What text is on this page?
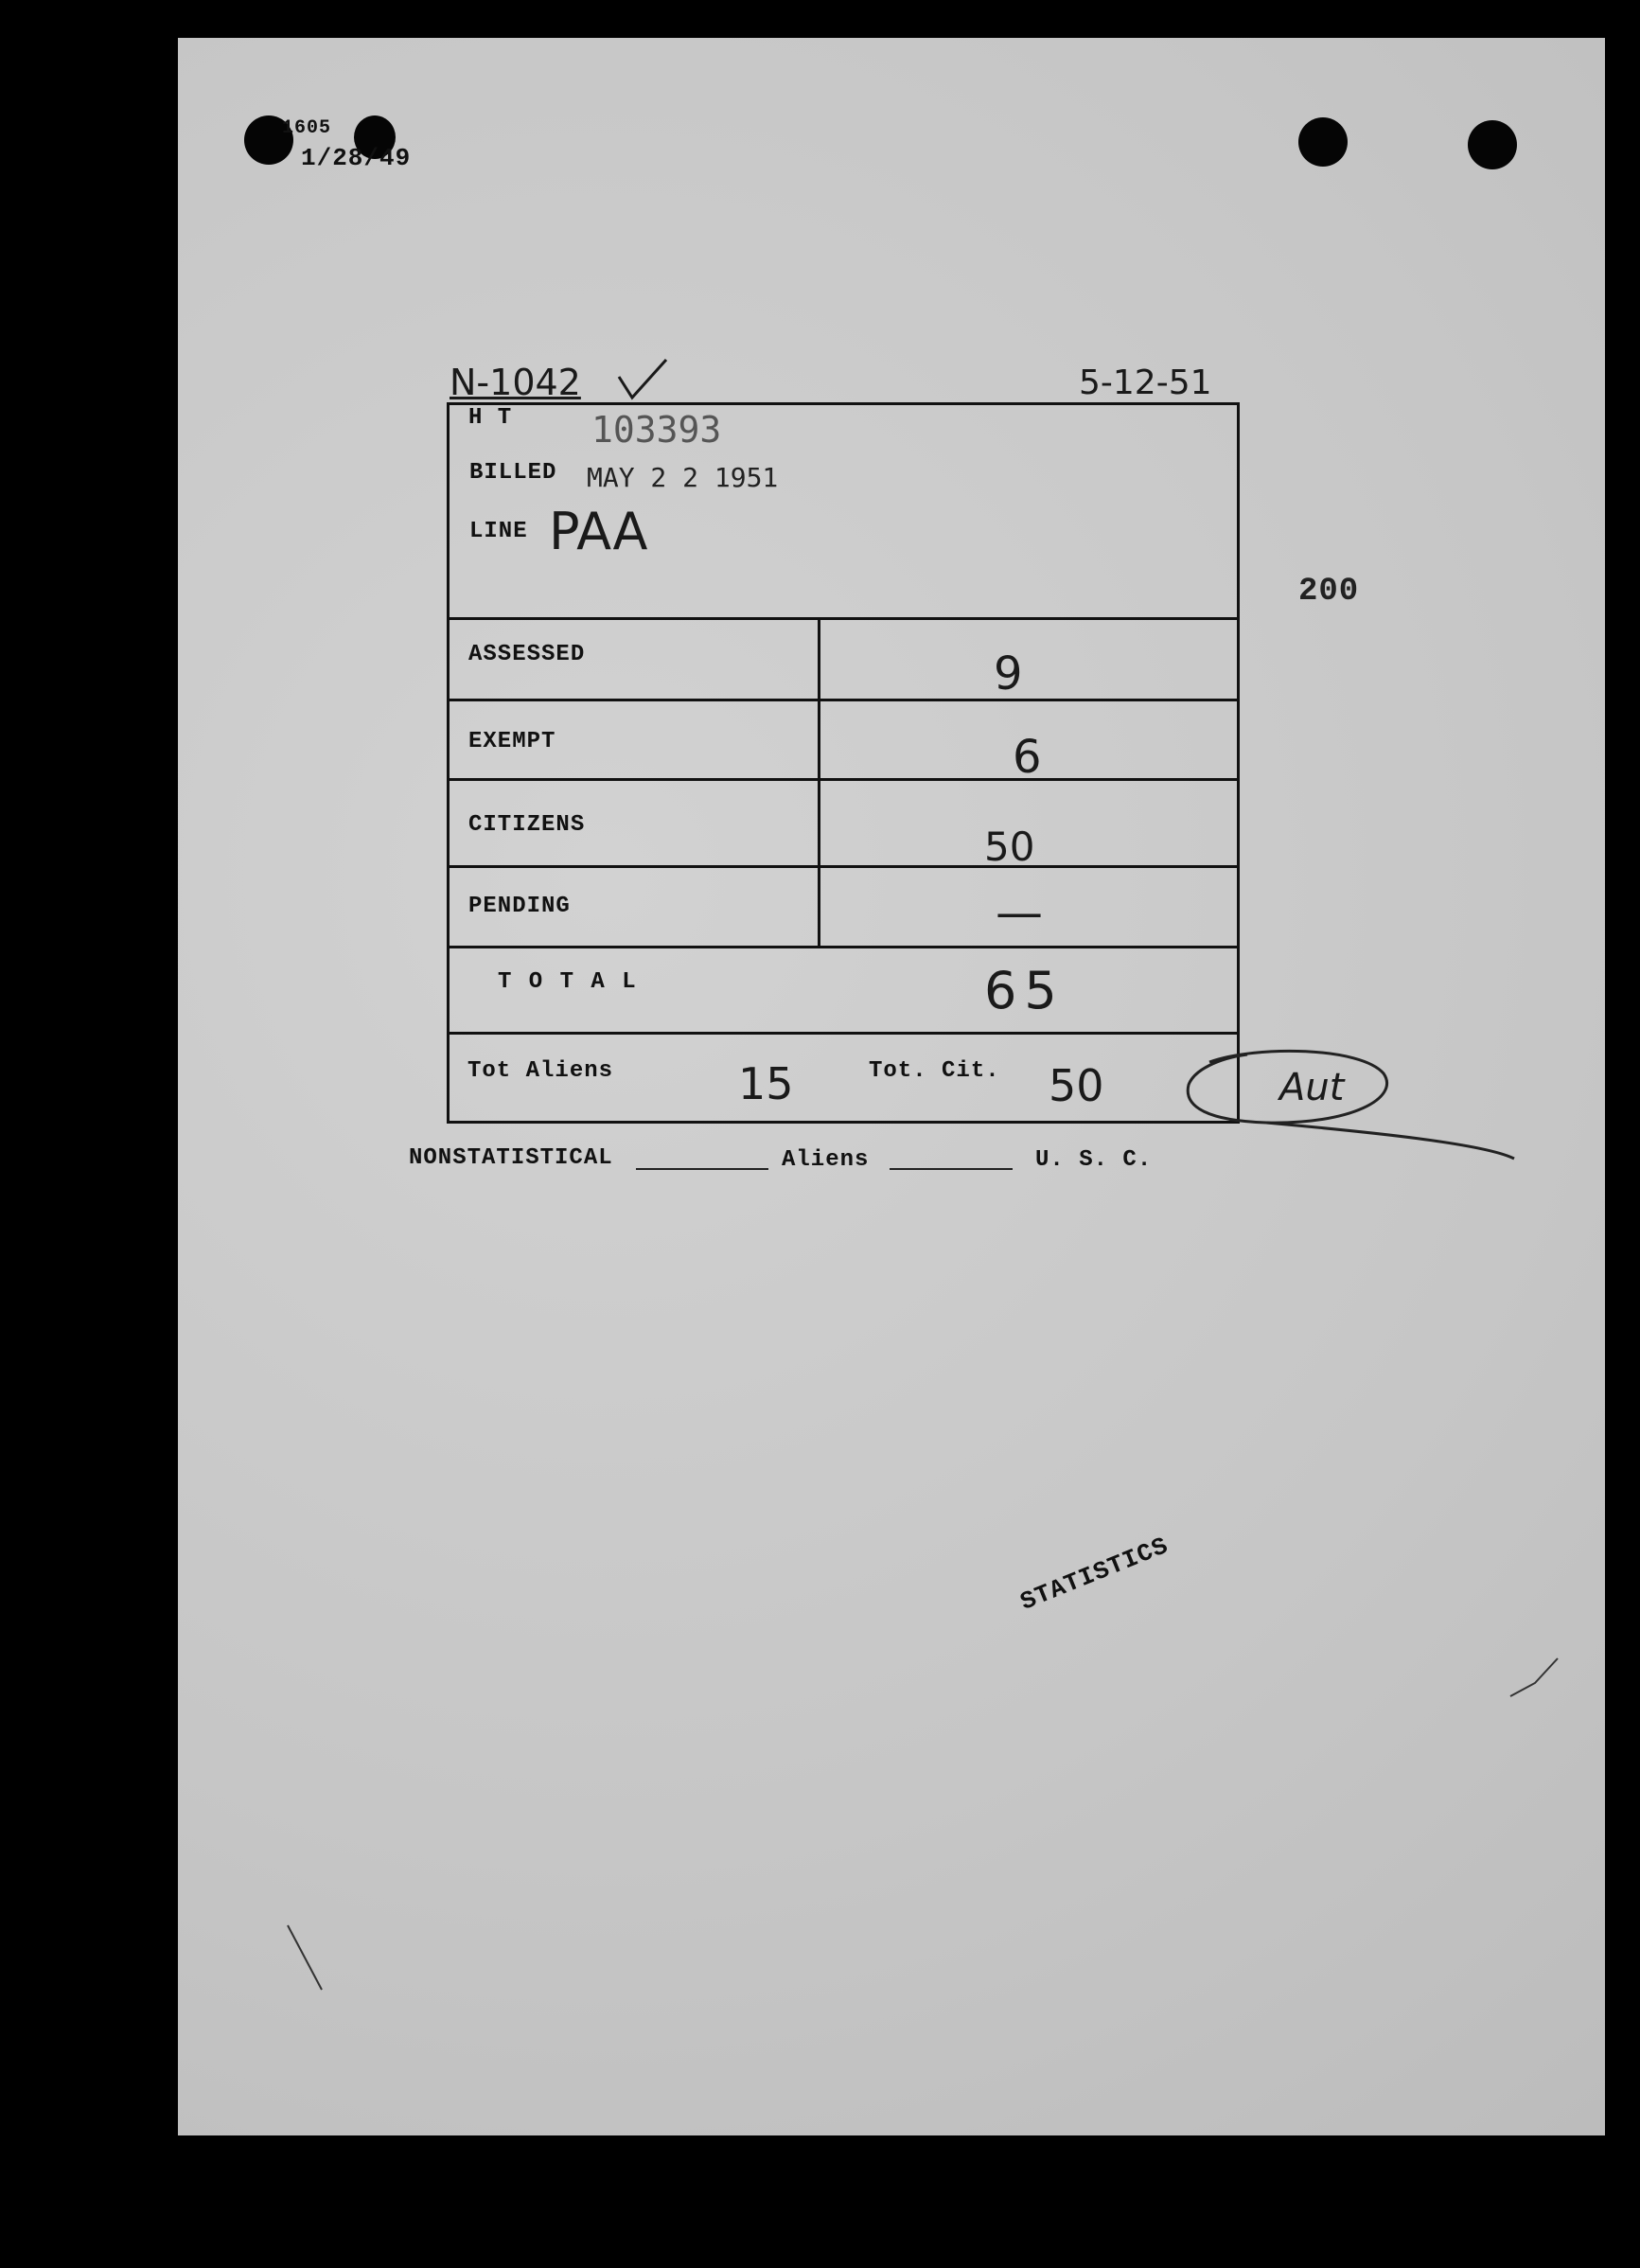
1605
1/28/49
N-1042	5-12-51
200
H T 103393
BILLED MAY 2 2 1951
LINE PAA
ASSESSED	9
EXEMPT	6
CITIZENS	50
PENDING	—
T O T A L	65
Tot Aliens	15	Tot. Cit. 50	Aut
NONSTATISTICAL	Aliens	U. S. C.
STATISTICS
